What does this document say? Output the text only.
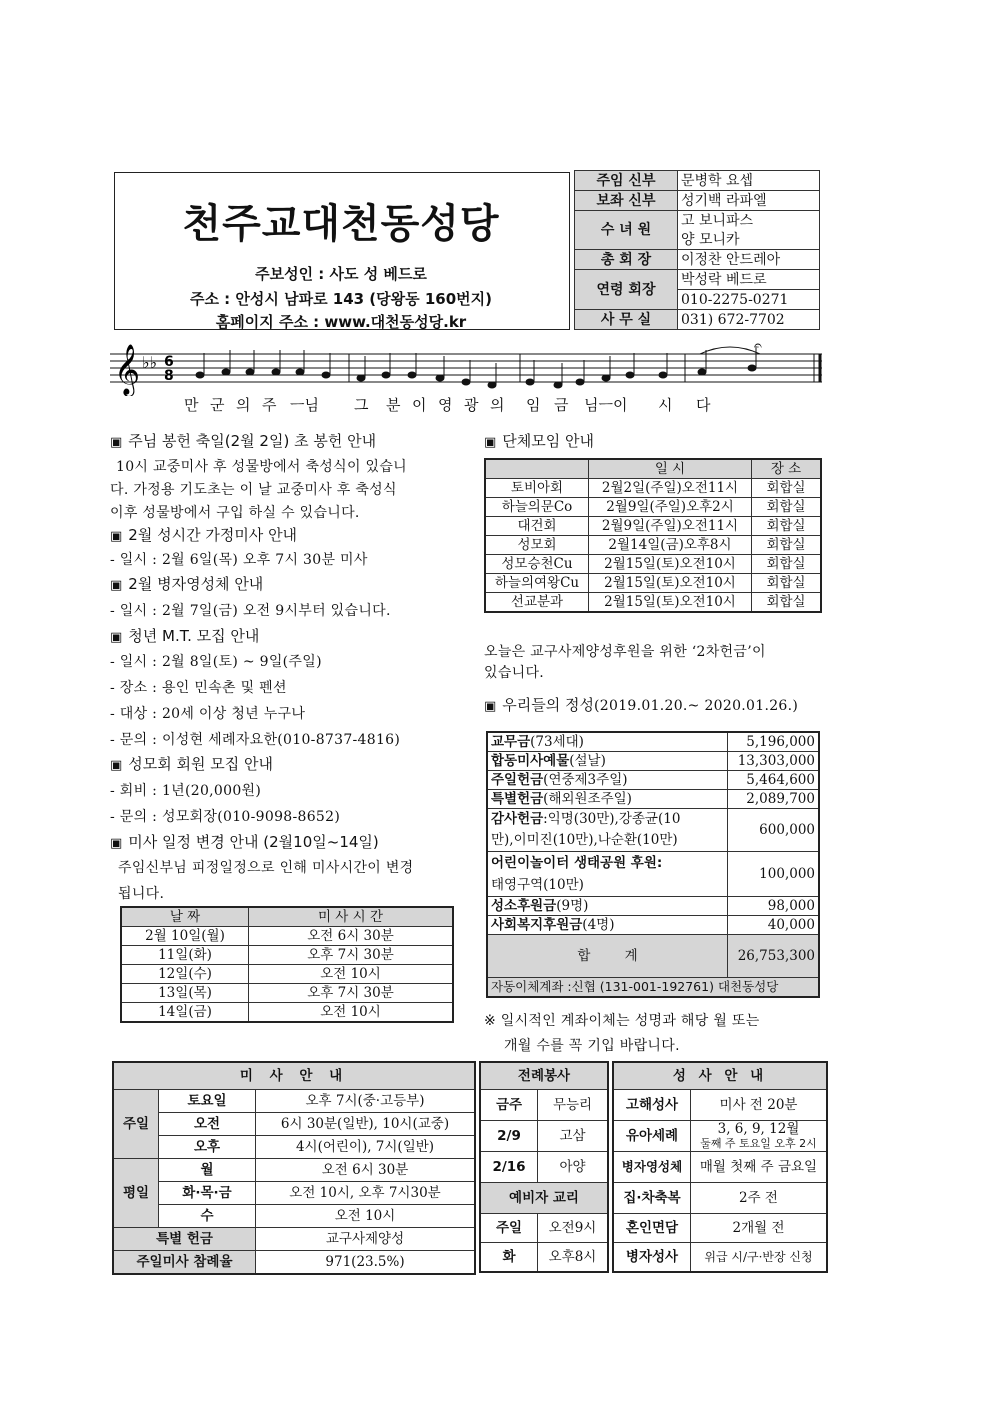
천주교대천동성당
주보성인 : 사도 성 베드로
주소 : 안성시 남파로 143 (당왕동 160번지)
홈페이지 주소 : www.대천동성당.kr
주임 신부	문병학 요셉
보좌 신부	성기백 라파엘
수 녀 원	고 보니파스
	양 모니카
총 회 장	이정찬 안드레아
연령 회장	박성락 베드로
	010-2275-0271
사 무 실	031) 672-7702
𝄞 ♭♭ 6
8
𝄐
만 군 의 주 ㅡ님 그 분 이 영 광 의 임 금 님ㅡ이 시 다
▣ 주님 봉헌 축일(2월 2일) 초 봉헌 안내
10시 교중미사 후 성물방에서 축성식이 있습니
다. 가정용 기도초는 이 날 교중미사 후 축성식
이후 성물방에서 구입 하실 수 있습니다.
▣ 2월 성시간 가정미사 안내
- 일시 : 2월 6일(목) 오후 7시 30분 미사
▣ 2월 병자영성체 안내
- 일시 : 2월 7일(금) 오전 9시부터 있습니다.
▣ 청년 M.T. 모집 안내
- 일시 : 2월 8일(토) ~ 9일(주일)
- 장소 : 용인 민속촌 및 펜션
- 대상 : 20세 이상 청년 누구나
- 문의 : 이성현 세례자요한(010-8737-4816)
▣ 성모회 회원 모집 안내
- 회비 : 1년(20,000원)
- 문의 : 성모회장(010-9098-8652)
▣ 미사 일정 변경 안내 (2월10일~14일)
주임신부님 피정일정으로 인해 미사시간이 변경
됩니다.
날 짜	미 사 시 간
2월 10일(월)	오전 6시 30분
11일(화)	오후 7시 30분
12일(수)	오전 10시
13일(목)	오후 7시 30분
14일(금)	오전 10시
▣ 단체모임 안내
	일 시	장 소
토비아회	2월2일(주일)오전11시	회합실
하늘의문Co	2월9일(주일)오후2시	회합실
대건회	2월9일(주일)오전11시	회합실
성모회	2월14일(금)오후8시	회합실
성모승천Cu	2월15일(토)오전10시	회합실
하늘의여왕Cu	2월15일(토)오전10시	회합실
선교분과	2월15일(토)오전10시	회합실
오늘은 교구사제양성후원을 위한 ‘2차헌금’이
있습니다.
▣ 우리들의 정성(2019.01.20.~ 2020.01.26.)
교무금(73세대)	5,196,000
합동미사예물(설날)	13,303,000
주일헌금(연중제3주일)	5,464,600
특별헌금(해외원조주일)	2,089,700
감사헌금:익명(30만),강종균(10
만),이미진(10만),나순환(10만)	600,000
어린이놀이터 생태공원 후원:
태영구역(10만)	100,000
성소후원금(9명)	98,000
사회복지후원금(4명)	40,000
합 계	26,753,300
자동이체계좌 :신협 (131-001-192761) 대천동성당	
※ 일시적인 계좌이체는 성명과 해당 월 또는
개월 수를 꼭 기입 바랍니다.
미 사 안 내		
주일	토요일	오후 7시(중·고등부)
	오전	6시 30분(일반), 10시(교중)
	오후	4시(어린이), 7시(일반)
평일	월	오전 6시 30분
	화·목·금	오전 10시, 오후 7시30분
	수	오전 10시
특별 헌금		교구사제양성
주일미사 참례율		971(23.5%)
전례봉사	
금주	무능리
2/9	고삼
2/16	아양
예비자 교리	
주일	오전9시
화	오후8시
성 사 안 내	
고해성사	미사 전 20분
유아세례	3, 6, 9, 12월
둘째 주 토요일 오후 2시
병자영성체	매월 첫째 주 금요일
집·차축복	2주 전
혼인면담	2개월 전
병자성사	위급 시/구·반장 신청
